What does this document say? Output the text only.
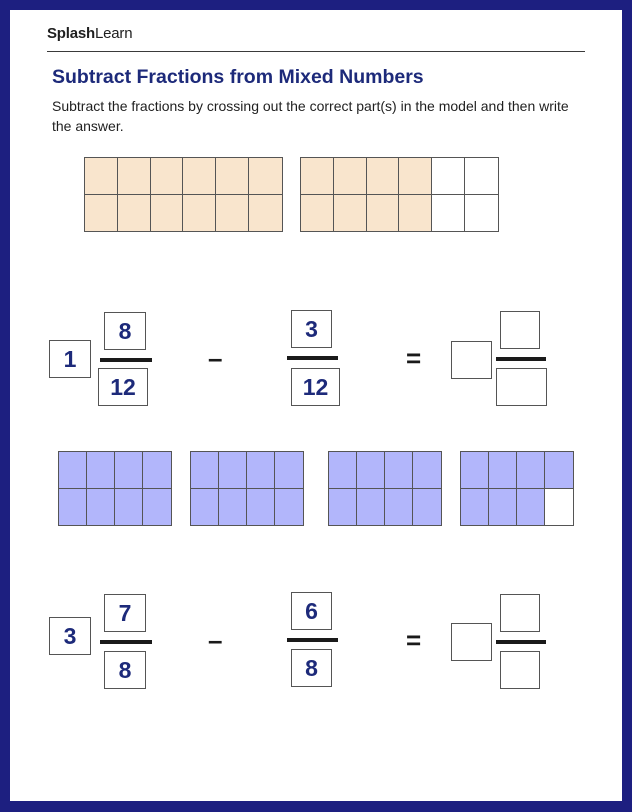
SplashLearn
Subtract Fractions from Mixed Numbers
Subtract the fractions by crossing out the correct part(s) in the model and then write the answer.
1
8
12
–
3
12
=
3
7
8
–
6
8
=
